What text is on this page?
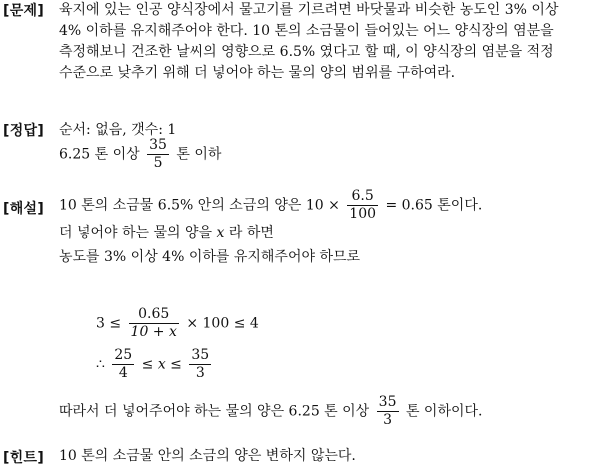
[문제] 육지에 있는 인공 양식장에서 물고기를 기르려면 바닷물과 비슷한 농도인 3% 이상
4% 이하를 유지해주어야 한다. 10 톤의 소금물이 들어있는 어느 양식장의 염분을
측정해보니 건조한 날씨의 영향으로 6.5% 였다고 할 때, 이 양식장의 염분을 적정
수준으로 낮추기 위해 더 넣어야 하는 물의 양의 범위를 구하여라.
[정답] 순서: 없음, 갯수: 1
6.25 톤 이상 $\frac{35}{5}$ 톤 이하
[해설] 10 톤의 소금물 6.5% 안의 소금의 양은 $10 \times \frac{6.5}{100} = 0.65$ 톤이다.
더 넣어야 하는 물의 양을 x 라 하면
농도를 3% 이상 4% 이하를 유지해주어야 하므로
$3 \le \frac{0.65}{10 + x} \times 100 \le 4$
∴ $\frac{25}{4} \le x \le \frac{35}{3}$
따라서 더 넣어주어야 하는 물의 양은 6.25 톤 이상 $\frac{35}{3}$ 톤 이하이다.
[힌트] 10 톤의 소금물 안의 소금의 양은 변하지 않는다.
